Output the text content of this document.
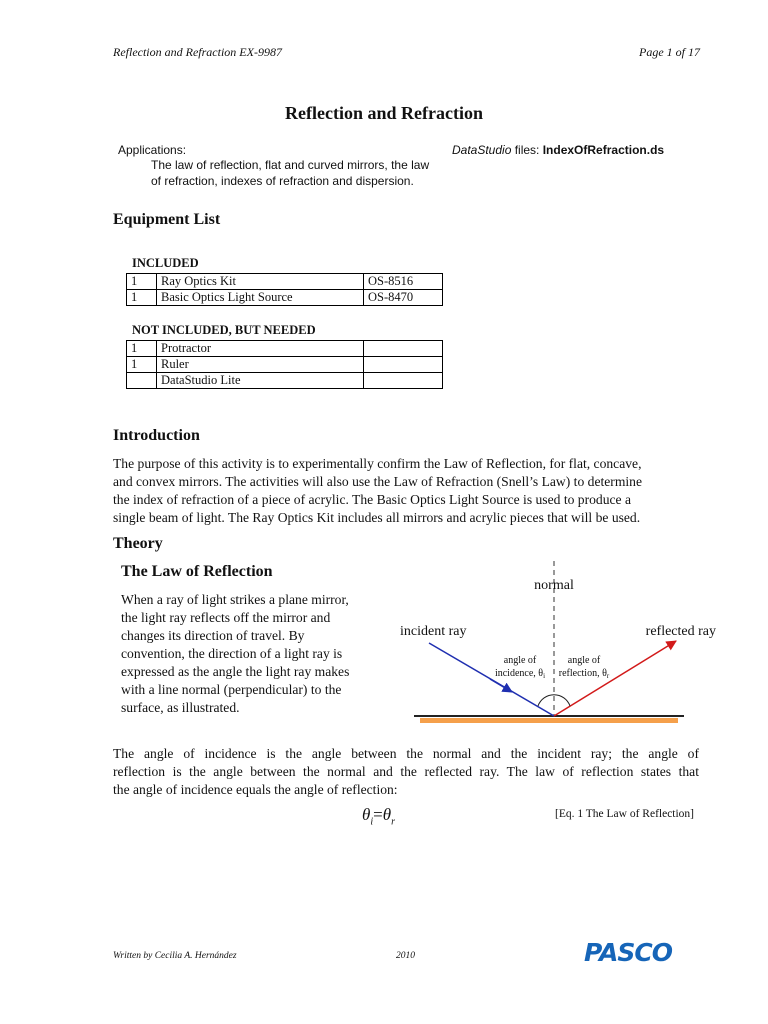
Reflection and Refraction EX-9987	Page 1 of 17
Reflection and Refraction
Applications:
The law of reflection, flat and curved mirrors, the law of refraction, indexes of refraction and dispersion.
DataStudio files: IndexOfRefraction.ds
Equipment List
INCLUDED
1	Ray Optics Kit	OS-8516
1	Basic Optics Light Source	OS-8470
NOT INCLUDED, BUT NEEDED
1	Protractor	
1	Ruler	
	DataStudio Lite	
Introduction
The purpose of this activity is to experimentally confirm the Law of Reflection, for flat, concave,
and convex mirrors. The activities will also use the Law of Refraction (Snell’s Law) to determine
the index of refraction of a piece of acrylic. The Basic Optics Light Source is used to produce a
single beam of light. The Ray Optics Kit includes all mirrors and acrylic pieces that will be used.
Theory
The Law of Reflection
When a ray of light strikes a plane mirror,
the light ray reflects off the mirror and
changes its direction of travel. By
convention, the direction of a light ray is
expressed as the angle the light ray makes
with a line normal (perpendicular) to the
surface, as illustrated.
normal
incident ray	reflected ray
angle of
incidence, $\theta_i$
angle of
reflection, $\theta_r$
The angle of incidence is the angle between the normal and the incident ray; the angle of
reflection is the angle between the normal and the reflected ray. The law of reflection states that
the angle of incidence equals the angle of reflection:
$\theta_i=\theta_r$
[Eq. 1 The Law of Reflection]
Written by Cecilia A. Hernández	2010	PASCO
